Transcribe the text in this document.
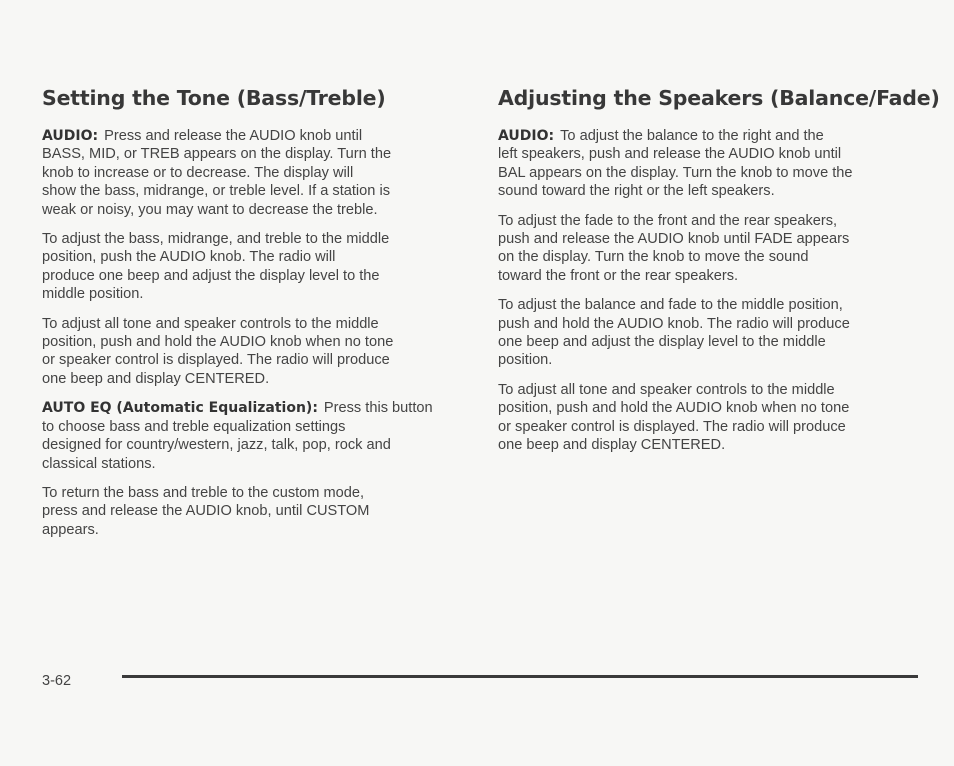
Setting the Tone (Bass/Treble)

AUDIO: Press and release the AUDIO knob until
BASS, MID, or TREB appears on the display. Turn the
knob to increase or to decrease. The display will
show the bass, midrange, or treble level. If a station is
weak or noisy, you may want to decrease the treble.

To adjust the bass, midrange, and treble to the middle
position, push the AUDIO knob. The radio will
produce one beep and adjust the display level to the
middle position.

To adjust all tone and speaker controls to the middle
position, push and hold the AUDIO knob when no tone
or speaker control is displayed. The radio will produce
one beep and display CENTERED.

AUTO EQ (Automatic Equalization): Press this button
to choose bass and treble equalization settings
designed for country/western, jazz, talk, pop, rock and
classical stations.

To return the bass and treble to the custom mode,
press and release the AUDIO knob, until CUSTOM
appears.

Adjusting the Speakers (Balance/Fade)

AUDIO: To adjust the balance to the right and the
left speakers, push and release the AUDIO knob until
BAL appears on the display. Turn the knob to move the
sound toward the right or the left speakers.

To adjust the fade to the front and the rear speakers,
push and release the AUDIO knob until FADE appears
on the display. Turn the knob to move the sound
toward the front or the rear speakers.

To adjust the balance and fade to the middle position,
push and hold the AUDIO knob. The radio will produce
one beep and adjust the display level to the middle
position.

To adjust all tone and speaker controls to the middle
position, push and hold the AUDIO knob when no tone
or speaker control is displayed. The radio will produce
one beep and display CENTERED.

3-62
